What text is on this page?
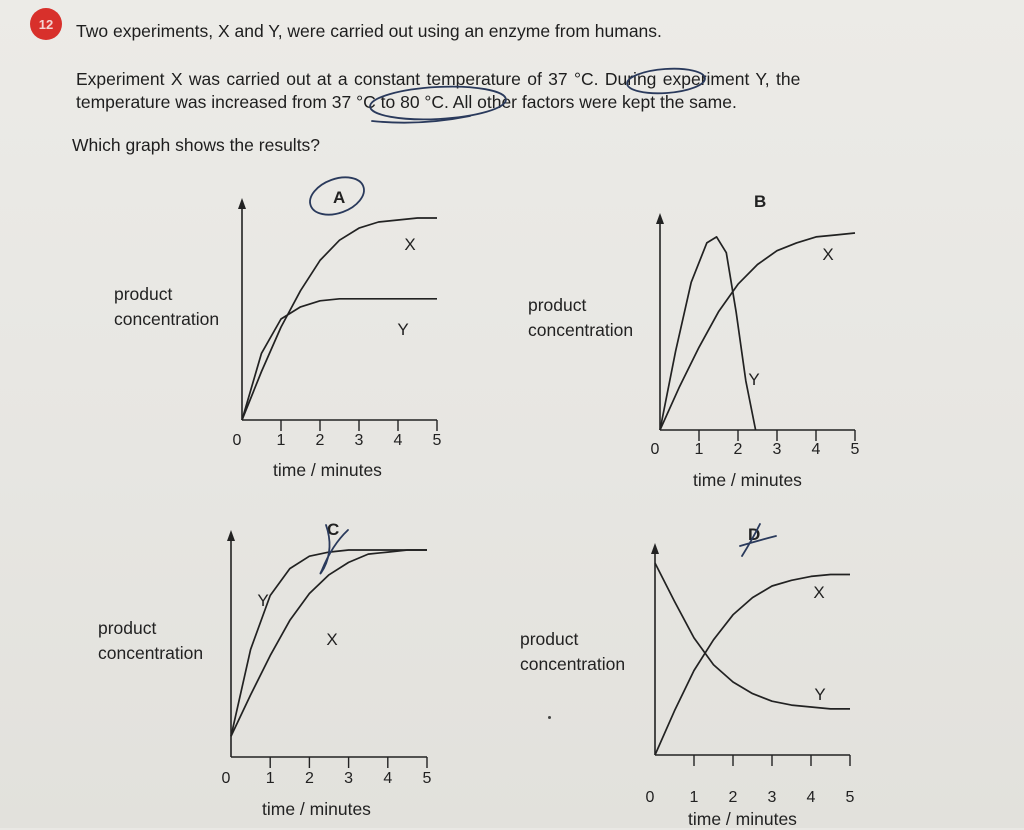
12	Two experiments, X and Y, were carried out using an enzyme from humans.
Experiment X was carried out at a constant temperature of 37 °C. During experiment Y, the
temperature was increased from 37 °C to 80 °C. All other factors were kept the same.
Which graph shows the results?
A
product
concentration
0 1 2 3 4 5
X
Y
time / minutes
B
product
concentration
0 1 2 3 4 5
X
Y
time / minutes
C
product
concentration
0 1 2 3 4 5
Y
X
time / minutes
D
product
concentration
0 1 2 3 4 5
X
Y
time / minutes
